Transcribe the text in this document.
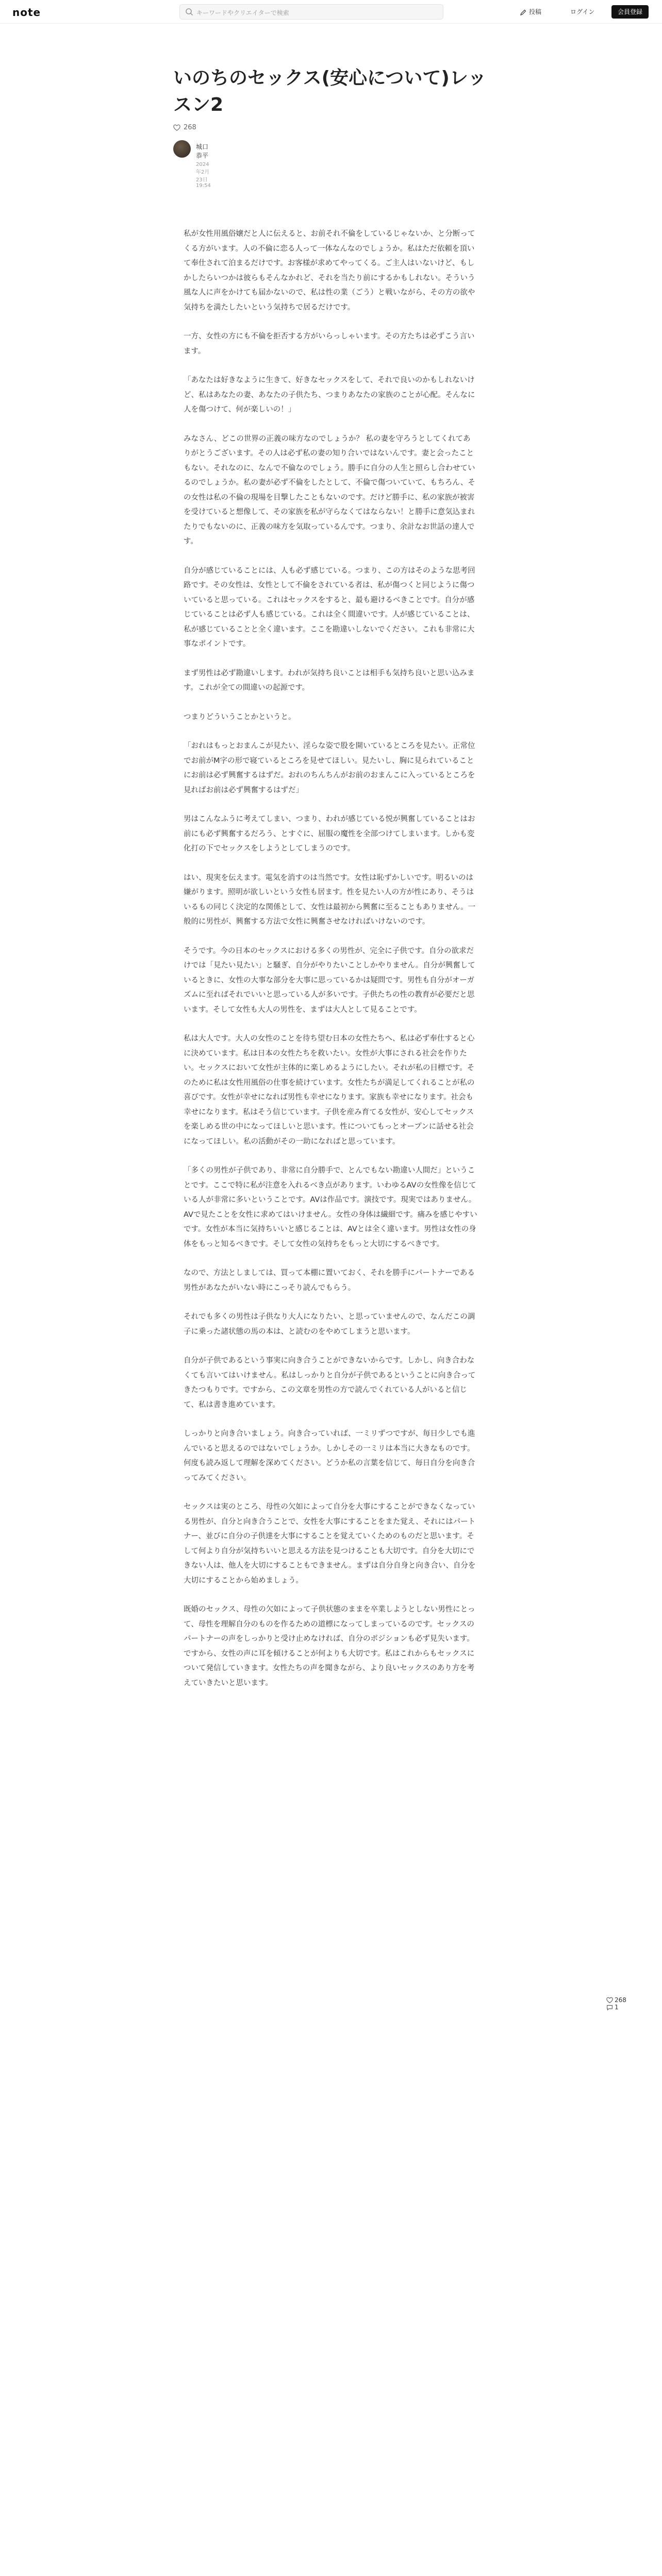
note	キーワードやクリエイターで検索	投稿	ログイン	会員登録
いのちのセックス(安心について)レッスン2
268
城口恭平
2024年2月23日 19:54

私が女性用風俗嬢だと人に伝えると、お前それ不倫をしているじゃないか、と分断ってくる方がいます。人の不倫に恋る人って一体なんなのでしょうか。私はただ依頼を頂いて奉仕されて泊まるだけです。お客様が求めてやってくる。ご主人はいないけど、もしかしたらいつかは彼らもそんなかれど、それを当たり前にするかもしれない。そういう風な人に声をかけても届かないので、私は性の業（ごう）と戦いながら、その方の欲や気持ちを満たしたいという気持ちで居るだけです。

一方、女性の方にも不倫を拒否する方がいらっしゃいます。その方たちは必ずこう言います。

「あなたは好きなように生きて、好きなセックスをして、それで良いのかもしれないけど、私はあなたの妻、あなたの子供たち、つまりあなたの家族のことが心配。そんなに人を傷つけて、何が楽しいの！」

みなさん、どこの世界の正義の味方なのでしょうか？ 私の妻を守ろうとしてくれてありがとうございます。その人は必ず私の妻の知り合いではないんです。妻と会ったこともない。それなのに、なんで不倫なのでしょう。勝手に自分の人生と照らし合わせているのでしょうか。私の妻が必ず不倫をしたとして、不倫で傷ついていて、もちろん、その女性は私の不倫の現場を目撃したこともないのです。だけど勝手に、私の家族が被害を受けていると想像して、その家族を私が守らなくてはならない！と勝手に意気込まれたりでもないのに、正義の味方を気取っているんです。つまり、余計なお世話の達人です。

自分が感じていることには、人も必ず感じている。つまり、この方はそのような思考回路です。その女性は、女性として不倫をされている者は、私が傷つくと同じように傷ついていると思っている。これはセックスをすると、最も避けるべきことです。自分が感じていることは必ず人も感じている。これは全く間違いです。人が感じていることは、私が感じていることと全く違います。ここを勘違いしないでください。これも非常に大事なポイントです。

まず男性は必ず勘違いします。われが気持ち良いことは相手も気持ち良いと思い込みます。これが全ての間違いの起源です。

つまりどういうことかというと。

「おれはもっとおまんこが見たい、淫らな姿で股を開いているところを見たい。正常位でお前がM字の形で寝ているところを見せてほしい。見たいし、胸に見られていることにお前は必ず興奮するはずだ。おれのちんちんがお前のおまんこに入っているところを見ればお前は必ず興奮するはずだ」

男はこんなふうに考えてしまい、つまり、われが感じている悦が興奮していることはお前にも必ず興奮するだろう、とすぐに、屈服の魔性を全部つけてしまいます。しかも変化打の下でセックスをしようとしてしまうのです。

はい、現実を伝えます。電気を消すのは当然です。女性は恥ずかしいです。明るいのは嫌がります。照明が欲しいという女性も居ます。性を見たい人の方が性にあり、そうはいるもの同じく決定的な関係として、女性は最初から興奮に至ることもありません。一般的に男性が、興奮する方法で女性に興奮させなければいけないのです。

そうです。今の日本のセックスにおける多くの男性が、完全に子供です。自分の欲求だけでは「見たい見たい」と騒ぎ、自分がやりたいことしかやりません。自分が興奮しているときに、女性の大事な部分を大事に思っているかは疑問です。男性も自分がオーガズムに至ればそれでいいと思っている人が多いです。子供たちの性の教育が必要だと思います。そして女性も大人の男性を、まずは大人として見ることです。

私は大人です。大人の女性のことを待ち望む日本の女性たちへ、私は必ず奉仕すると心に決めています。私は日本の女性たちを救いたい。女性が大事にされる社会を作りたい。セックスにおいて女性が主体的に楽しめるようにしたい。それが私の目標です。そのために私は女性用風俗の仕事を続けています。女性たちが満足してくれることが私の喜びです。女性が幸せになれば男性も幸せになります。家族も幸せになります。社会も幸せになります。私はそう信じています。子供を産み育てる女性が、安心してセックスを楽しめる世の中になってほしいと思います。性についてもっとオープンに話せる社会になってほしい。私の活動がその一助になればと思っています。

「多くの男性が子供であり、非常に自分勝手で、とんでもない勘違い人間だ」ということです。ここで特に私が注意を入れるべき点があります。いわゆるAVの女性像を信じている人が非常に多いということです。AVは作品です。演技です。現実ではありません。AVで見たことを女性に求めてはいけません。女性の身体は繊細です。痛みを感じやすいです。女性が本当に気持ちいいと感じることは、AVとは全く違います。男性は女性の身体をもっと知るべきです。そして女性の気持ちをもっと大切にするべきです。

なので、方法としましては、買って本棚に置いておく、それを勝手にパートナーである男性があなたがいない時にこっそり読んでもらう。

それでも多くの男性は子供なり大人になりたい、と思っていませんので、なんだこの調子に乗った諸状態の馬の本は、と読むのをやめてしまうと思います。

自分が子供であるという事実に向き合うことができないからです。しかし、向き合わなくても言いてはいけません。私はしっかりと自分が子供であるということに向き合ってきたつもりです。ですから、この文章を男性の方で読んでくれている人がいると信じて、私は書き進めています。

しっかりと向き合いましょう。向き合っていれば、一ミリずつですが、毎日少しでも進んでいると思えるのではないでしょうか。しかしその一ミリは本当に大きなものです。何度も読み返して理解を深めてください。どうか私の言葉を信じて、毎日自分を向き合ってみてください。

セックスは実のところ、母性の欠如によって自分を大事にすることができなくなっている男性が、自分と向き合うことで、女性を大事にすることをまた覚え、それにはパートナー、並びに自分の子供達を大事にすることを覚えていくためのものだと思います。そして何より自分が気持ちいいと思える方法を見つけることも大切です。自分を大切にできない人は、他人を大切にすることもできません。まずは自分自身と向き合い、自分を大切にすることから始めましょう。

既婚のセックス、母性の欠如によって子供状態のままを卒業しようとしない男性にとって、母性を理解自分のものを作るための道標になってしまっているのです。セックスのパートナーの声をしっかりと受け止めなければ、自分のポジションも必ず見失います。ですから、女性の声に耳を傾けることが何よりも大切です。私はこれからもセックスについて発信していきます。女性たちの声を聞きながら、より良いセックスのあり方を考えていきたいと思います。

268 1
